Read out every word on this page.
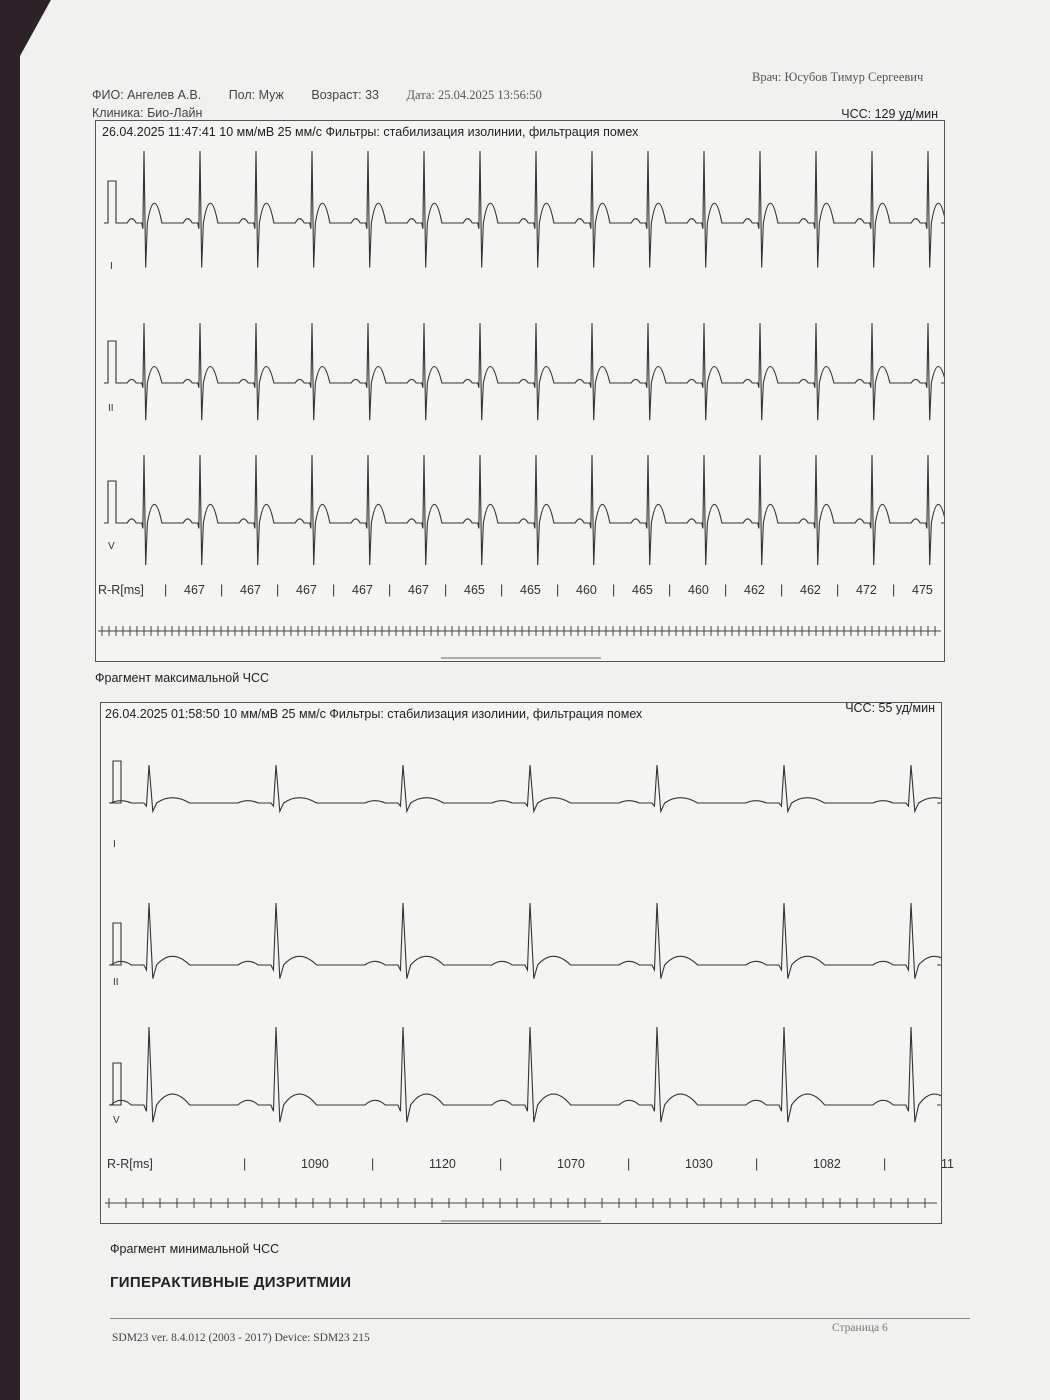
ФИО: Ангелев А.В. Пол: Муж Возраст: 33 Дата: 25.04.2025 13:56:50
Врач: Юсубов Тимур Сергеевич
Клиника: Био-Лайн
26.04.2025 11:47:41 10 мм/мВ 25 мм/с Фильтры: стабилизация изолинии, фильтрация помех
ЧСС: 129 уд/мин
I
II
V
R-R[ms]	467
|	467
|	467
|	467
|	467
|	465
|	465
|	460
|	465
|	460
|	462
|	462
|	472
|	475
|
Фрагмент максимальной ЧСС
26.04.2025 01:58:50 10 мм/мВ 25 мм/с Фильтры: стабилизация изолинии, фильтрация помех	ЧСС: 55 уд/мин
I
II
V
R-R[ms]	1090
|	1120
|	1070
|	1030
|	1082
|	11
|
Фрагмент минимальной ЧСС
ГИПЕРАКТИВНЫЕ ДИЗРИТМИИ
SDM23 ver. 8.4.012 (2003 - 2017) Device: SDM23 215
Страница 6
